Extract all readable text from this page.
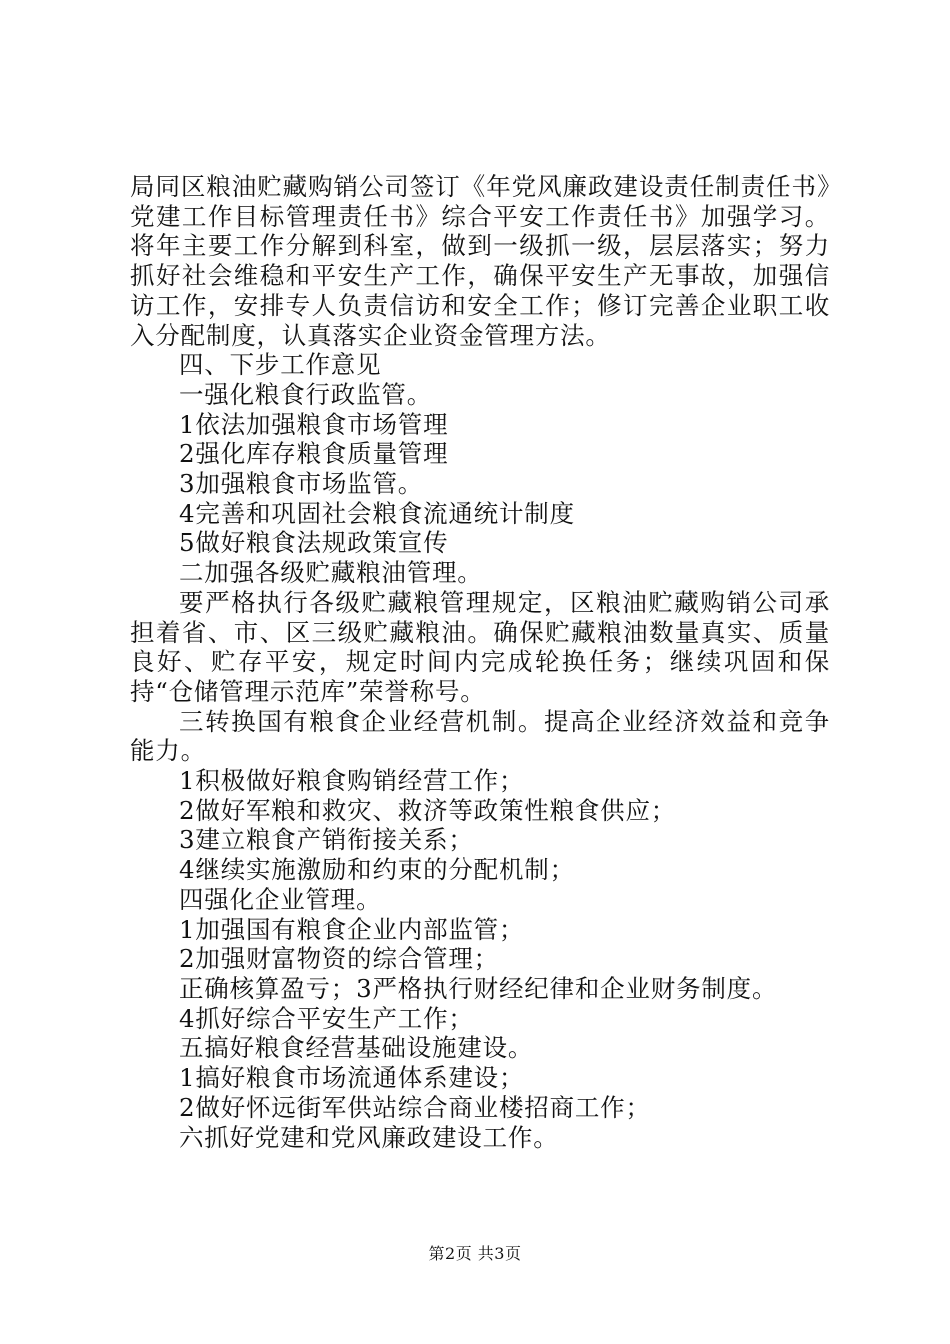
局同区粮油贮藏购销公司签订《年党风廉政建设责任制责任书》党建工作目标管理责任书》综合平安工作责任书》加强学习。将年主要工作分解到科室，做到一级抓一级，层层落实；努力抓好社会维稳和平安生产工作，确保平安生产无事故，加强信访工作，安排专人负责信访和安全工作；修订完善企业职工收入分配制度，认真落实企业资金管理方法。

四、下步工作意见

一强化粮食行政监管。

1依法加强粮食市场管理

2强化库存粮食质量管理

3加强粮食市场监管。

4完善和巩固社会粮食流通统计制度

5做好粮食法规政策宣传

二加强各级贮藏粮油管理。

要严格执行各级贮藏粮管理规定，区粮油贮藏购销公司承担着省、市、区三级贮藏粮油。确保贮藏粮油数量真实、质量良好、贮存平安，规定时间内完成轮换任务；继续巩固和保持“仓储管理示范库”荣誉称号。

三转换国有粮食企业经营机制。提高企业经济效益和竞争能力。

1积极做好粮食购销经营工作；

2做好军粮和救灾、救济等政策性粮食供应；

3建立粮食产销衔接关系；

4继续实施激励和约束的分配机制；

四强化企业管理。

1加强国有粮食企业内部监管；

2加强财富物资的综合管理；

正确核算盈亏；3严格执行财经纪律和企业财务制度。

4抓好综合平安生产工作；

五搞好粮食经营基础设施建设。

1搞好粮食市场流通体系建设；

2做好怀远街军供站综合商业楼招商工作；

六抓好党建和党风廉政建设工作。

第2页 共3页
